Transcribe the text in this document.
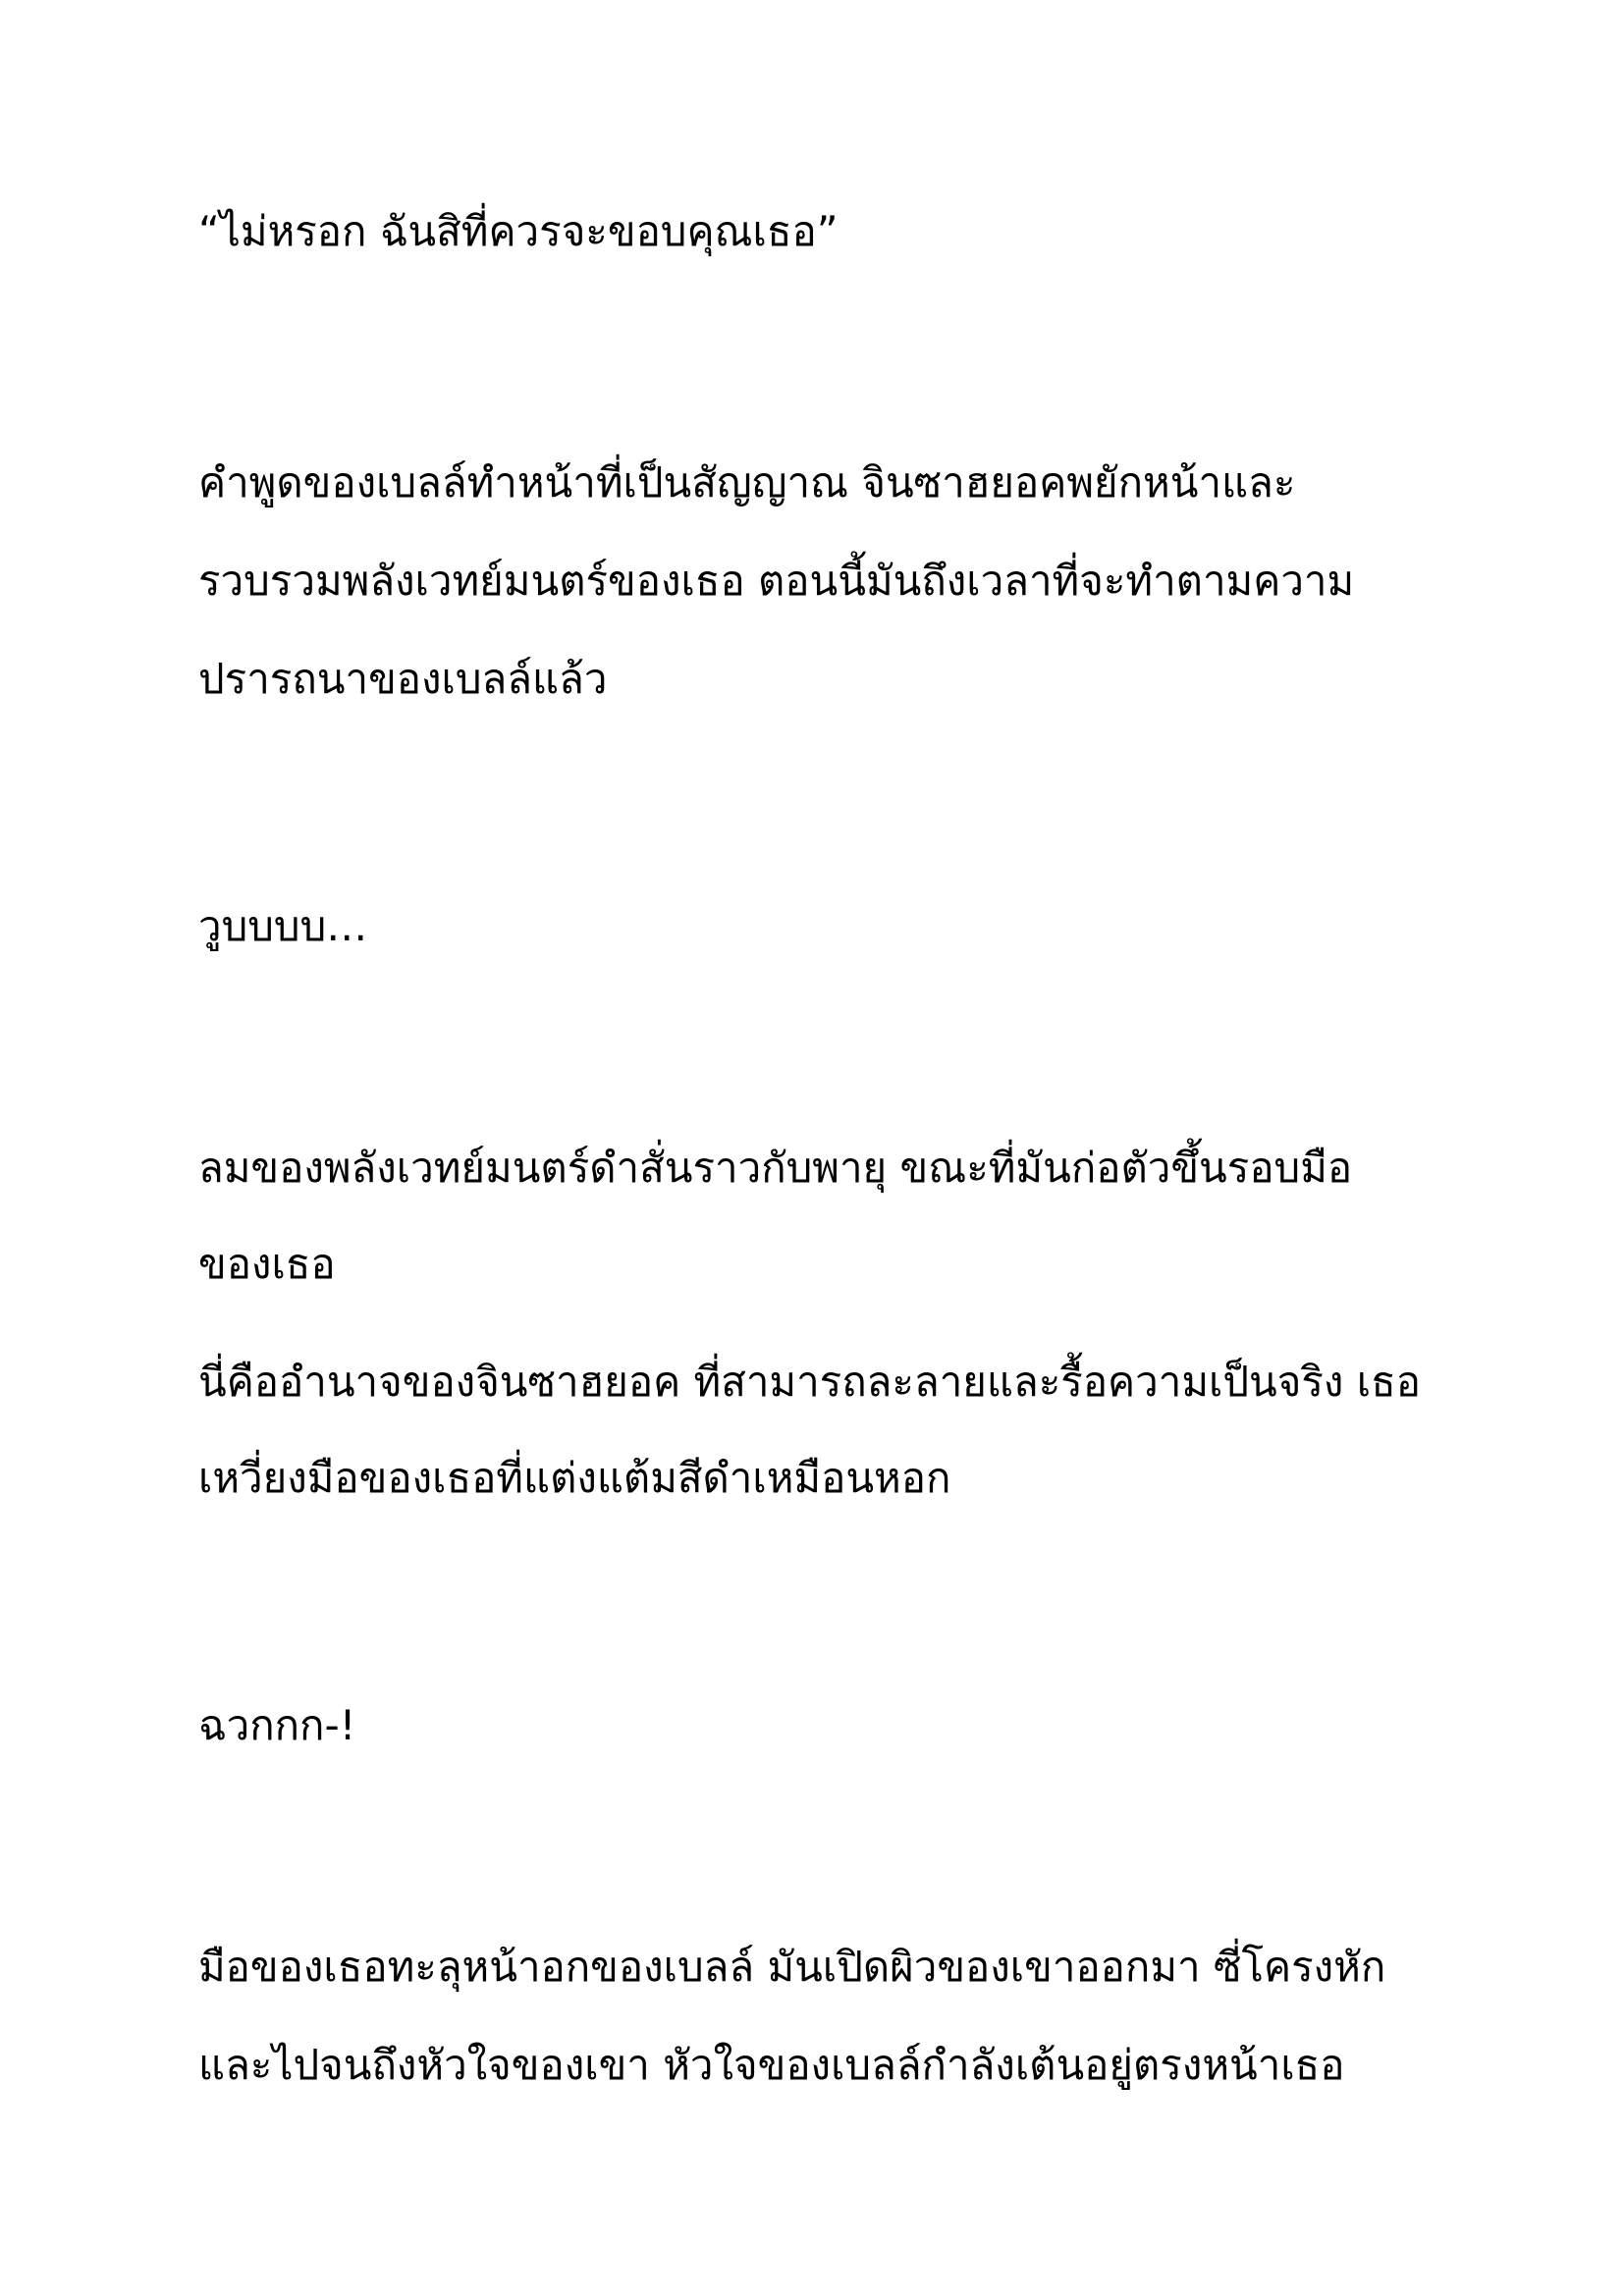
“ไม่หรอก ฉันสิที่ควรจะขอบคุณเธอ”

คำพูดของเบลล์ทำหน้าที่เป็นสัญญาณ จินซาฮยอคพยักหน้าและ

รวบรวมพลังเวทย์มนตร์ของเธอ ตอนนี้มันถึงเวลาที่จะทำตามความ

ปรารถนาของเบลล์แล้ว

วูบบบบ…

ลมของพลังเวทย์มนตร์ดำสั่นราวกับพายุ ขณะที่มันก่อตัวขึ้นรอบมือ

ของเธอ

นี่คืออำนาจของจินซาฮยอค ที่สามารถละลายและรื้อความเป็นจริง เธอ

เหวี่ยงมือของเธอที่แต่งแต้มสีดำเหมือนหอก

ฉวกกก-!

มือของเธอทะลุหน้าอกของเบลล์ มันเปิดผิวของเขาออกมา ซี่โครงหัก

และไปจนถึงหัวใจของเขา หัวใจของเบลล์กำลังเต้นอยู่ตรงหน้าเธอ
